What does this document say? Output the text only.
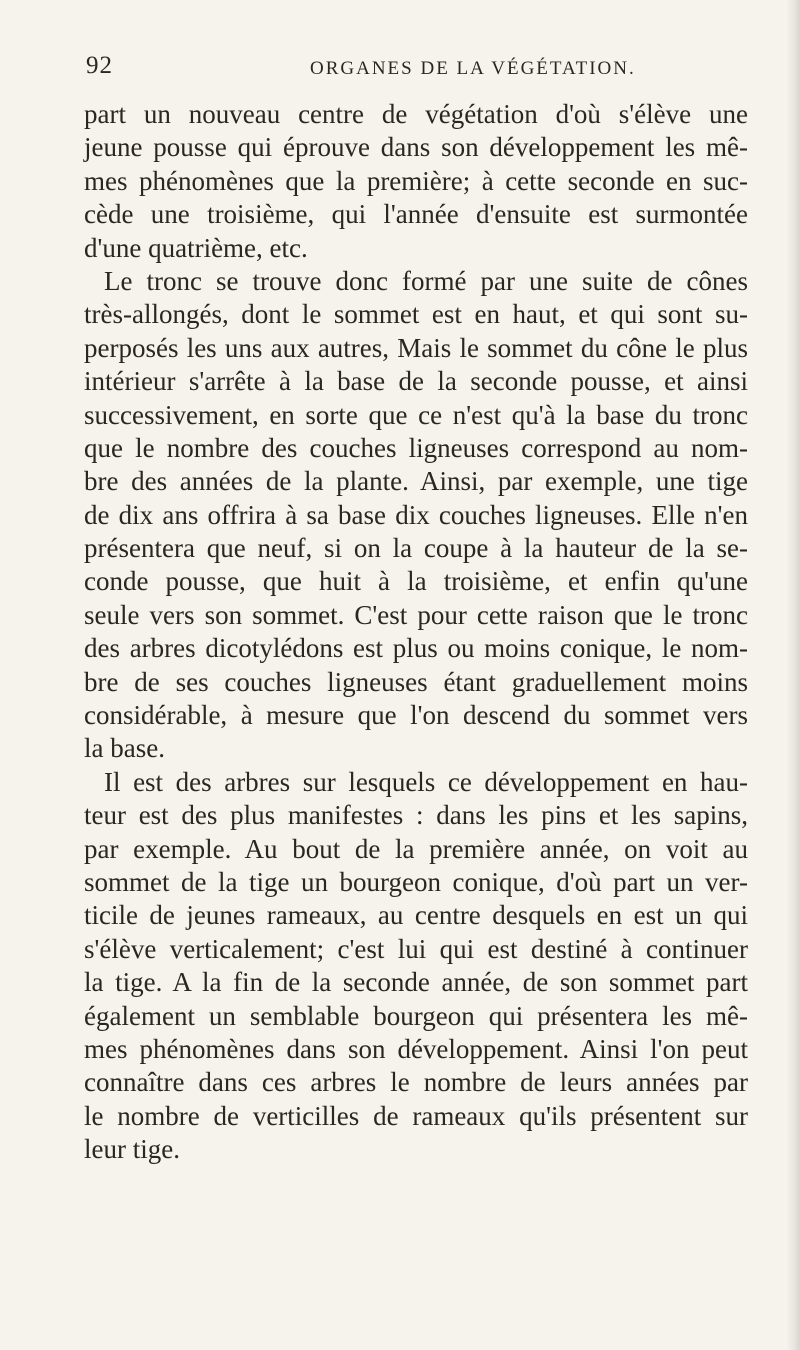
92	ORGANES DE LA VÉGÉTATION.
part un nouveau centre de végétation d'où s'élève une
jeune pousse qui éprouve dans son développement les mê-
mes phénomènes que la première; à cette seconde en suc-
cède une troisième, qui l'année d'ensuite est surmontée
d'une quatrième, etc.
Le tronc se trouve donc formé par une suite de cônes
très-allongés, dont le sommet est en haut, et qui sont su-
perposés les uns aux autres, Mais le sommet du cône le plus
intérieur s'arrête à la base de la seconde pousse, et ainsi
successivement, en sorte que ce n'est qu'à la base du tronc
que le nombre des couches ligneuses correspond au nom-
bre des années de la plante. Ainsi, par exemple, une tige
de dix ans offrira à sa base dix couches ligneuses. Elle n'en
présentera que neuf, si on la coupe à la hauteur de la se-
conde pousse, que huit à la troisième, et enfin qu'une
seule vers son sommet. C'est pour cette raison que le tronc
des arbres dicotylédons est plus ou moins conique, le nom-
bre de ses couches ligneuses étant graduellement moins
considérable, à mesure que l'on descend du sommet vers
la base.
Il est des arbres sur lesquels ce développement en hau-
teur est des plus manifestes : dans les pins et les sapins,
par exemple. Au bout de la première année, on voit au
sommet de la tige un bourgeon conique, d'où part un ver-
ticile de jeunes rameaux, au centre desquels en est un qui
s'élève verticalement; c'est lui qui est destiné à continuer
la tige. A la fin de la seconde année, de son sommet part
également un semblable bourgeon qui présentera les mê-
mes phénomènes dans son développement. Ainsi l'on peut
connaître dans ces arbres le nombre de leurs années par
le nombre de verticilles de rameaux qu'ils présentent sur
leur tige.
